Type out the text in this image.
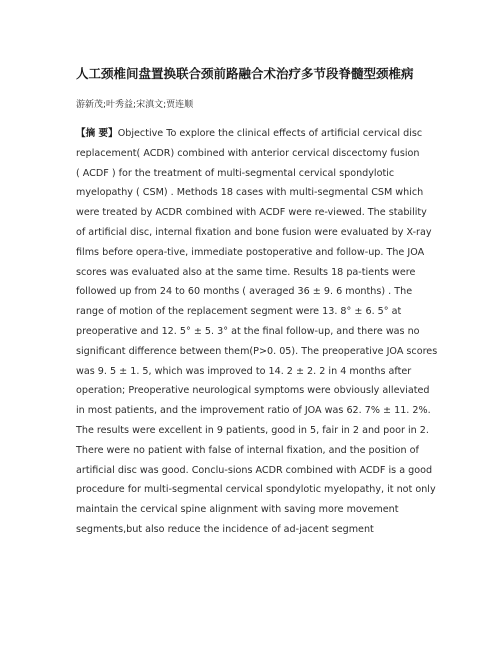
人工颈椎间盘置换联合颈前路融合术治疗多节段脊髓型颈椎病
游新茂;叶秀益;宋滇文;贾连顺
【摘 要】Objective To explore the clinical effects of artificial cervical disc
replacement( ACDR) combined with anterior cervical discectomy fusion
( ACDF ) for the treatment of multi-segmental cervical spondylotic
myelopathy ( CSM) . Methods 18 cases with multi-segmental CSM which
were treated by ACDR combined with ACDF were re-viewed. The stability
of artificial disc, internal fixation and bone fusion were evaluated by X-ray
films before opera-tive, immediate postoperative and follow-up. The JOA
scores was evaluated also at the same time. Results 18 pa-tients were
followed up from 24 to 60 months ( averaged 36 ± 9. 6 months) . The
range of motion of the replacement segment were 13. 8° ± 6. 5° at
preoperative and 12. 5° ± 5. 3° at the final follow-up, and there was no
significant difference between them(P>0. 05). The preoperative JOA scores
was 9. 5 ± 1. 5, which was improved to 14. 2 ± 2. 2 in 4 months after
operation; Preoperative neurological symptoms were obviously alleviated
in most patients, and the improvement ratio of JOA was 62. 7% ± 11. 2%.
The results were excellent in 9 patients, good in 5, fair in 2 and poor in 2.
There were no patient with false of internal fixation, and the position of
artificial disc was good. Conclu-sions ACDR combined with ACDF is a good
procedure for multi-segmental cervical spondylotic myelopathy, it not only
maintain the cervical spine alignment with saving more movement
segments,but also reduce the incidence of ad-jacent segment
